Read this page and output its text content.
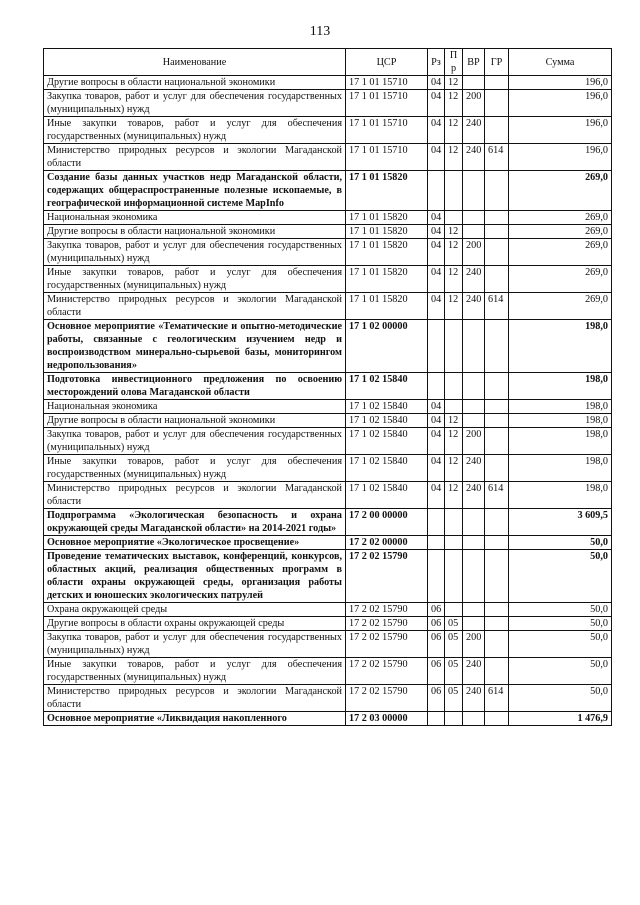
113
Наименование	ЦСР	Рз	Пр	ВР	ГР	Сумма
Другие вопросы в области национальной экономики	17 1 01 15710	04	12			196,0
Закупка товаров, работ и услуг для обеспечения государственных (муниципальных) нужд	17 1 01 15710	04	12	200		196,0
Иные закупки товаров, работ и услуг для обеспечения государственных (муниципальных) нужд	17 1 01 15710	04	12	240		196,0
Министерство природных ресурсов и экологии Магаданской области	17 1 01 15710	04	12	240	614	196,0
Создание базы данных участков недр Магаданской области, содержащих общераспространенные полезные ископаемые, в географической информационной системе MapInfo	17 1 01 15820					269,0
Национальная экономика	17 1 01 15820	04				269,0
Другие вопросы в области национальной экономики	17 1 01 15820	04	12			269,0
Закупка товаров, работ и услуг для обеспечения государственных (муниципальных) нужд	17 1 01 15820	04	12	200		269,0
Иные закупки товаров, работ и услуг для обеспечения государственных (муниципальных) нужд	17 1 01 15820	04	12	240		269,0
Министерство природных ресурсов и экологии Магаданской области	17 1 01 15820	04	12	240	614	269,0
Основное мероприятие «Тематические и опытно-методические работы, связанные с геологическим изучением недр и воспроизводством минерально-сырьевой базы, мониторингом недропользования»	17 1 02 00000					198,0
Подготовка инвестиционного предложения по освоению месторождений олова Магаданской области	17 1 02 15840					198,0
Национальная экономика	17 1 02 15840	04				198,0
Другие вопросы в области национальной экономики	17 1 02 15840	04	12			198,0
Закупка товаров, работ и услуг для обеспечения государственных (муниципальных) нужд	17 1 02 15840	04	12	200		198,0
Иные закупки товаров, работ и услуг для обеспечения государственных (муниципальных) нужд	17 1 02 15840	04	12	240		198,0
Министерство природных ресурсов и экологии Магаданской области	17 1 02 15840	04	12	240	614	198,0
Подпрограмма «Экологическая безопасность и охрана окружающей среды Магаданской области» на 2014-2021 годы»	17 2 00 00000					3 609,5
Основное мероприятие «Экологическое просвещение»	17 2 02 00000					50,0
Проведение тематических выставок, конференций, конкурсов, областных акций, реализация общественных программ в области охраны окружающей среды, организация работы детских и юношеских экологических патрулей	17 2 02 15790					50,0
Охрана окружающей среды	17 2 02 15790	06				50,0
Другие вопросы в области охраны окружающей среды	17 2 02 15790	06	05			50,0
Закупка товаров, работ и услуг для обеспечения государственных (муниципальных) нужд	17 2 02 15790	06	05	200		50,0
Иные закупки товаров, работ и услуг для обеспечения государственных (муниципальных) нужд	17 2 02 15790	06	05	240		50,0
Министерство природных ресурсов и экологии Магаданской области	17 2 02 15790	06	05	240	614	50,0
Основное мероприятие «Ликвидация накопленного	17 2 03 00000					1 476,9
